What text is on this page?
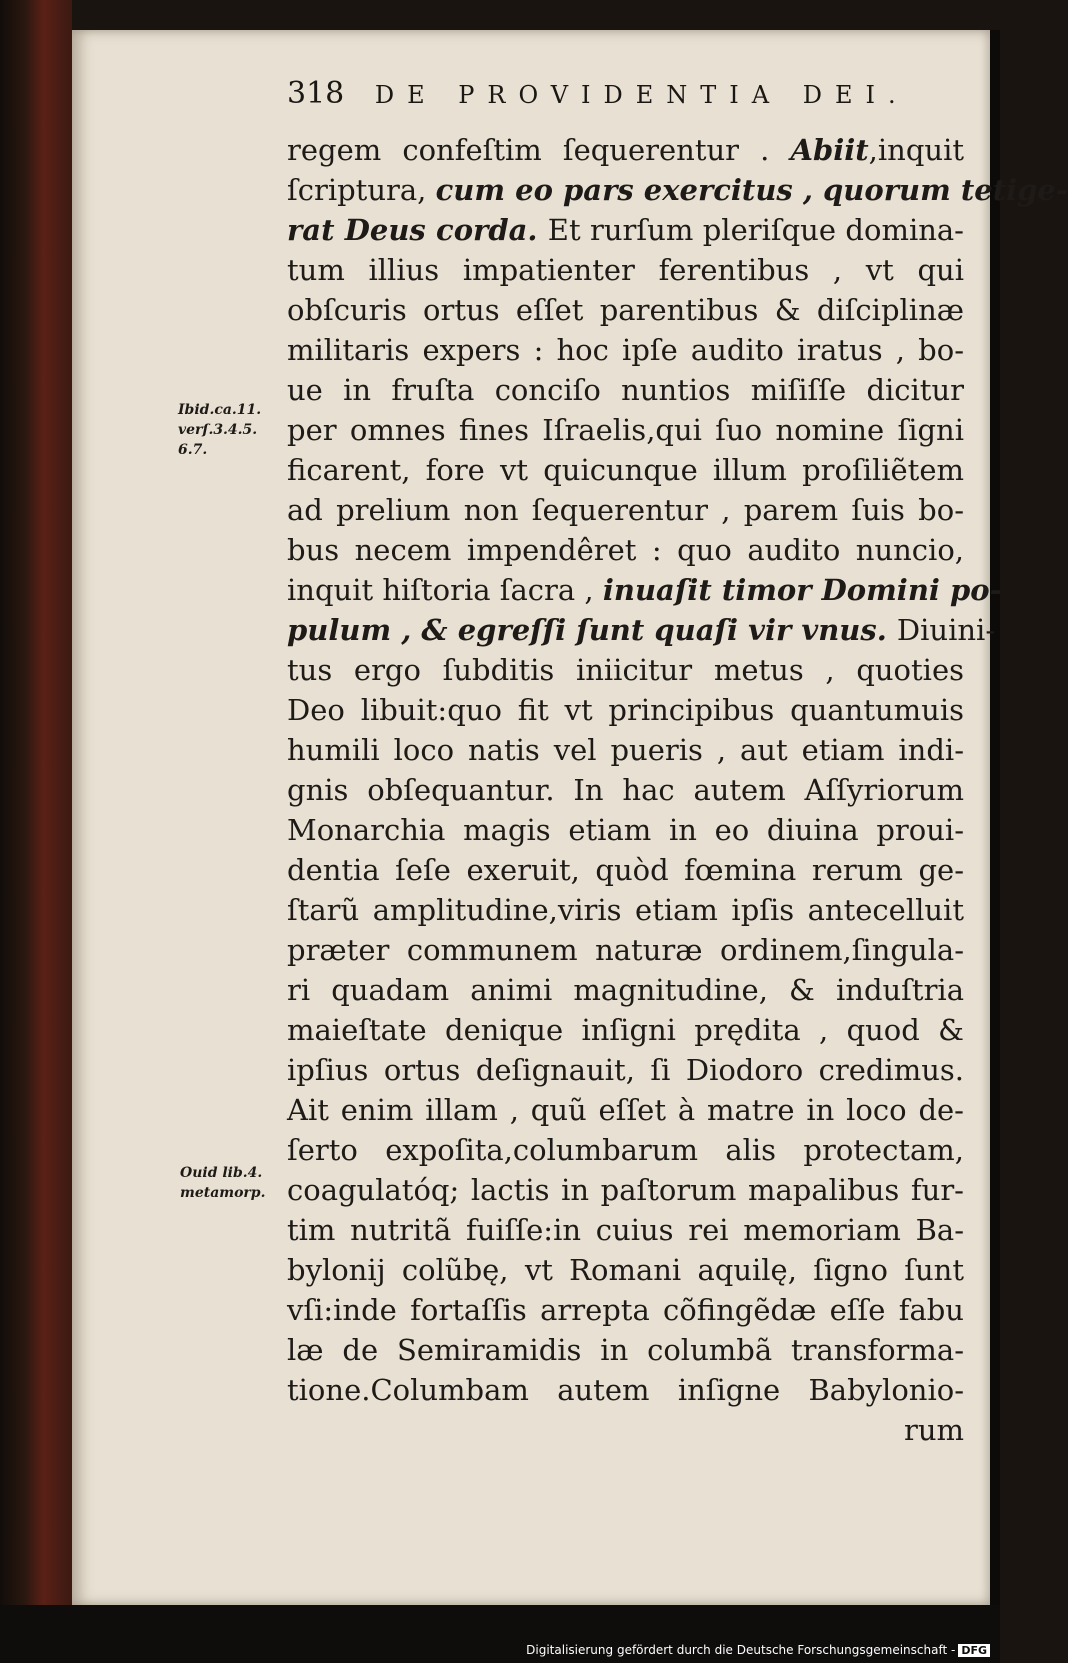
318 DE PROVIDENTIA DEI.
regem confeſtim ſequerentur . Abiit,inquit
ſcriptura, cum eo pars exercitus , quorum tetige-
rat Deus corda. Et rurſum pleriſque domina-
tum illius impatienter ferentibus , vt qui
obſcuris ortus eſſet parentibus & diſciplinæ
militaris expers : hoc ipſe audito iratus , bo-
ue in fruſta conciſo nuntios miſiſſe dicitur
per omnes fines Iſraelis,qui ſuo nomine ſigni
ficarent, fore vt quicunque illum proſiliẽtem
ad prelium non ſequerentur , parem ſuis bo-
bus necem impendêret : quo audito nuncio,
inquit hiſtoria ſacra , inuaſit timor Domini po-
pulum , & egreſſi ſunt quaſi vir vnus. Diuini-
tus ergo ſubditis iniicitur metus , quoties
Deo libuit:quo fit vt principibus quantumuis
humili loco natis vel pueris , aut etiam indi-
gnis obſequantur. In hac autem Aſſyriorum
Monarchia magis etiam in eo diuina proui-
dentia ſeſe exeruit, quòd fœmina rerum ge-
ſtarũ amplitudine,viris etiam ipſis antecelluit
præter communem naturæ ordinem,ſingula-
ri quadam animi magnitudine, & induſtria
maieſtate denique inſigni pręditа , quod &
ipſius ortus deſignauit, ſi Diodoro credimus.
Ait enim illam , quũ eſſet à matre in loco de-
ſerto expoſita,columbarum alis protectam,
coagulatóq; lactis in paſtorum mapalibus fur-
tim nutritã fuiſſe:in cuius rei memoriam Ba-
bylonij colũbę, vt Romani aquilę, ſigno ſunt
vſi:inde fortaſſis arrepta cõfingẽdæ eſſe fabu
læ de Semiramidis in columbã transforma-
tione.Columbam autem inſigne Babylonio-
rum
Ibid.ca.11.
verſ.3.4.5.
6.7.
Ouid lib.4.
metamorp.
Digitalisierung gefördert durch die Deutsche Forschungsgemeinschaft - DFG
